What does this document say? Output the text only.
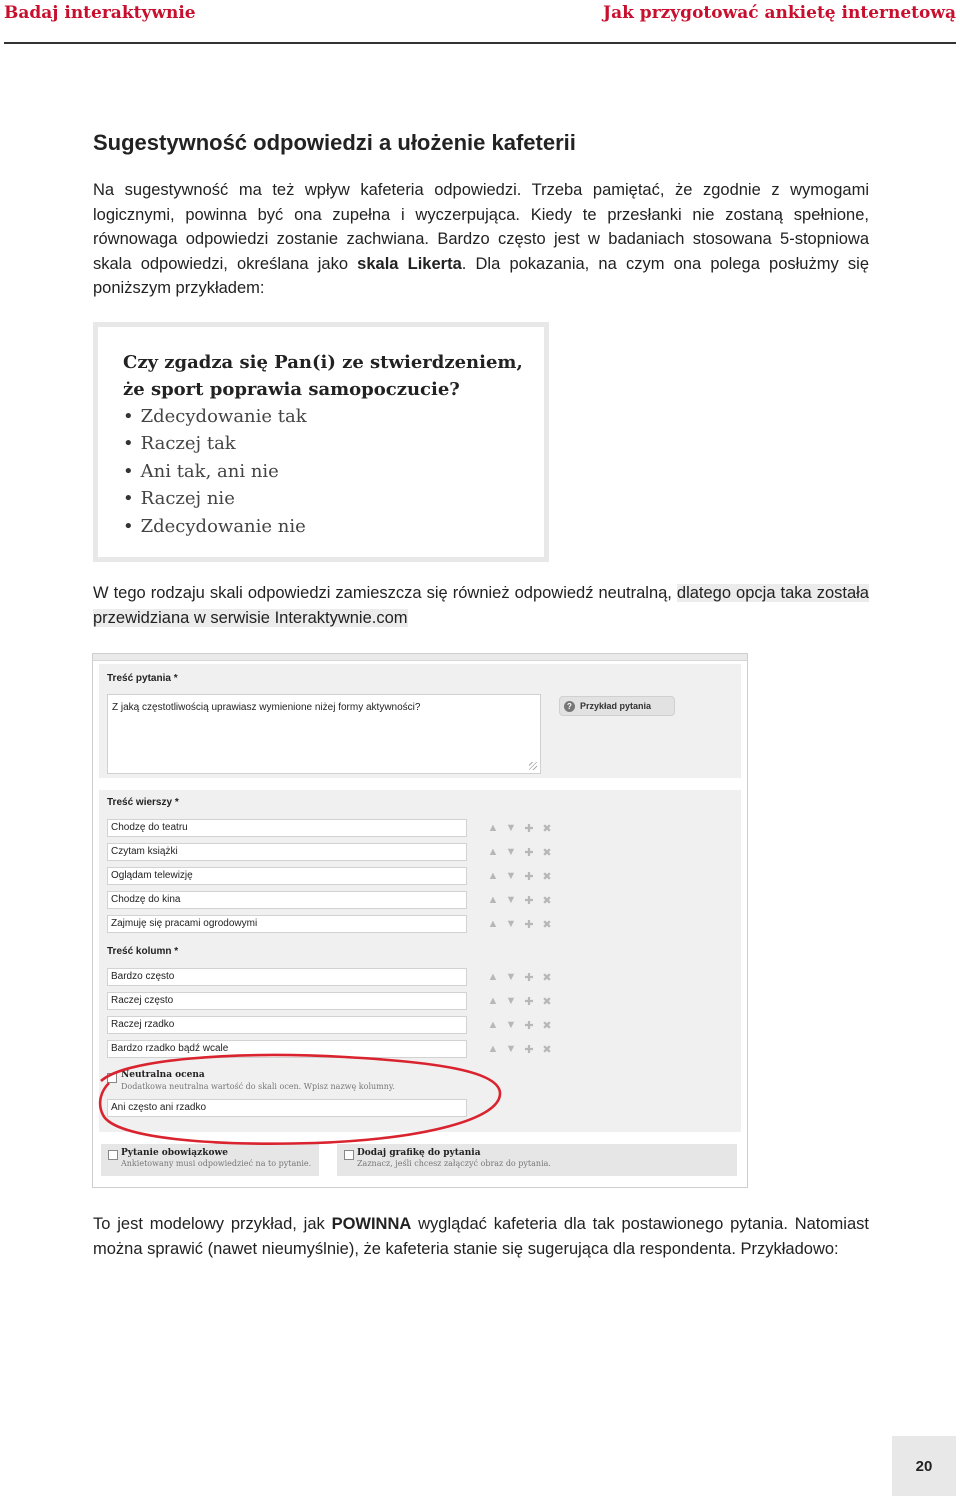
Badaj interaktywnie	Jak przygotować ankietę internetową
Sugestywność odpowiedzi a ułożenie kafeterii

Na sugestywność ma też wpływ kafeteria odpowiedzi. Trzeba pamiętać, że zgodnie z wymogami logicznymi, powinna być ona zupełna i wyczerpująca. Kiedy te przesłanki nie zostaną spełnione, równowaga odpowiedzi zostanie zachwiana. Bardzo często jest w badaniach stosowana 5-stopniowa skala odpowiedzi, określana jako skala Likerta. Dla pokazania, na czym ona polega posłużmy się poniższym przykładem:

Czy zgadza się Pan(i) ze stwierdzeniem, że sport poprawia samopoczucie?
• Zdecydowanie tak
• Raczej tak
• Ani tak, ani nie
• Raczej nie
• Zdecydowanie nie

W tego rodzaju skali odpowiedzi zamieszcza się również odpowiedź neutralną, dlatego opcja taka została przewidziana w serwisie Interaktywnie.com

Treść pytania *
Z jaką częstotliwością uprawiasz wymienione niżej formy aktywności?	? Przykład pytania
Treść wierszy *
Chodzę do teatru	▲ ▼ ✚ ✖
Czytam książki	▲ ▼ ✚ ✖
Oglądam telewizję	▲ ▼ ✚ ✖
Chodzę do kina	▲ ▼ ✚ ✖
Zajmuję się pracami ogrodowymi	▲ ▼ ✚ ✖
Treść kolumn *
Bardzo często	▲ ▼ ✚ ✖
Raczej często	▲ ▼ ✚ ✖
Raczej rzadko	▲ ▼ ✚ ✖
Bardzo rzadko bądź wcale	▲ ▼ ✚ ✖
Neutralna ocena
Dodatkowa neutralna wartość do skali ocen. Wpisz nazwę kolumny.
Ani często ani rzadko
Pytanie obowiązkowe
Ankietowany musi odpowiedzieć na to pytanie.
Dodaj grafikę do pytania
Zaznacz, jeśli chcesz załączyć obraz do pytania.

To jest modelowy przykład, jak POWINNA wyglądać kafeteria dla tak postawionego pytania. Natomiast można sprawić (nawet nieumyślnie), że kafeteria stanie się sugerująca dla respondenta. Przykładowo:

20
